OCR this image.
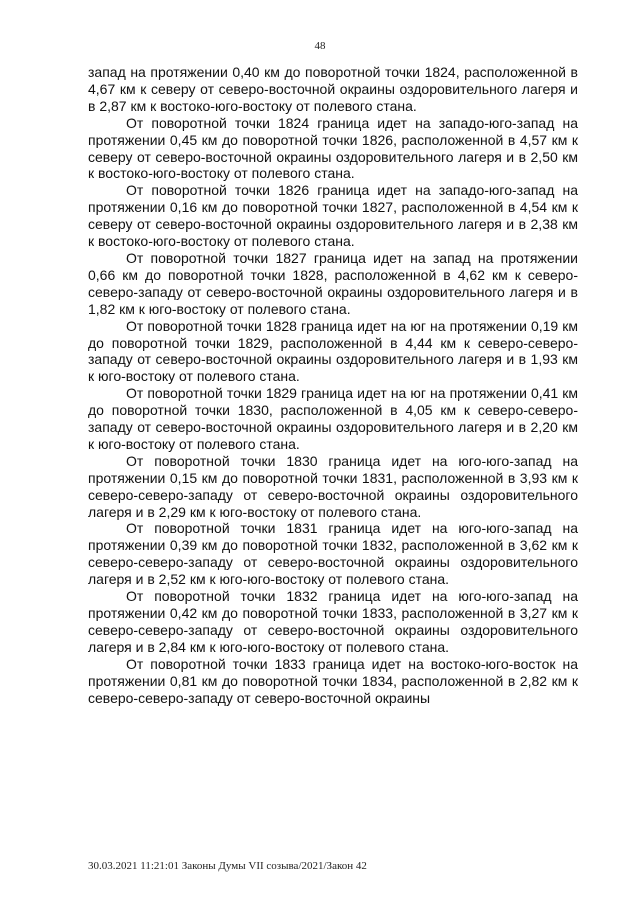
48

запад на протяжении 0,40 км до поворотной точки 1824, расположенной в 4,67 км к северу от северо-восточной окраины оздоровительного лагеря и в 2,87 км к востоко-юго-востоку от полевого стана.

От поворотной точки 1824 граница идет на западо-юго-запад на протяжении 0,45 км до поворотной точки 1826, расположенной в 4,57 км к северу от северо-восточной окраины оздоровительного лагеря и в 2,50 км к востоко-юго-востоку от полевого стана.

От поворотной точки 1826 граница идет на западо-юго-запад на протяжении 0,16 км до поворотной точки 1827, расположенной в 4,54 км к северу от северо-восточной окраины оздоровительного лагеря и в 2,38 км к востоко-юго-востоку от полевого стана.

От поворотной точки 1827 граница идет на запад на протяжении 0,66 км до поворотной точки 1828, расположенной в 4,62 км к северо-северо-западу от северо-восточной окраины оздоровительного лагеря и в 1,82 км к юго-востоку от полевого стана.

От поворотной точки 1828 граница идет на юг на протяжении 0,19 км до поворотной точки 1829, расположенной в 4,44 км к северо-северо-западу от северо-восточной окраины оздоровительного лагеря и в 1,93 км к юго-востоку от полевого стана.

От поворотной точки 1829 граница идет на юг на протяжении 0,41 км до поворотной точки 1830, расположенной в 4,05 км к северо-северо-западу от северо-восточной окраины оздоровительного лагеря и в 2,20 км к юго-востоку от полевого стана.

От поворотной точки 1830 граница идет на юго-юго-запад на протяжении 0,15 км до поворотной точки 1831, расположенной в 3,93 км к северо-северо-западу от северо-восточной окраины оздоровительного лагеря и в 2,29 км к юго-востоку от полевого стана.

От поворотной точки 1831 граница идет на юго-юго-запад на протяжении 0,39 км до поворотной точки 1832, расположенной в 3,62 км к северо-северо-западу от северо-восточной окраины оздоровительного лагеря и в 2,52 км к юго-юго-востоку от полевого стана.

От поворотной точки 1832 граница идет на юго-юго-запад на протяжении 0,42 км до поворотной точки 1833, расположенной в 3,27 км к северо-северо-западу от северо-восточной окраины оздоровительного лагеря и в 2,84 км к юго-юго-востоку от полевого стана.

От поворотной точки 1833 граница идет на востоко-юго-восток на протяжении 0,81 км до поворотной точки 1834, расположенной в 2,82 км к северо-северо-западу от северо-восточной окраины

30.03.2021 11:21:01 Законы Думы VII созыва/2021/Закон 42
